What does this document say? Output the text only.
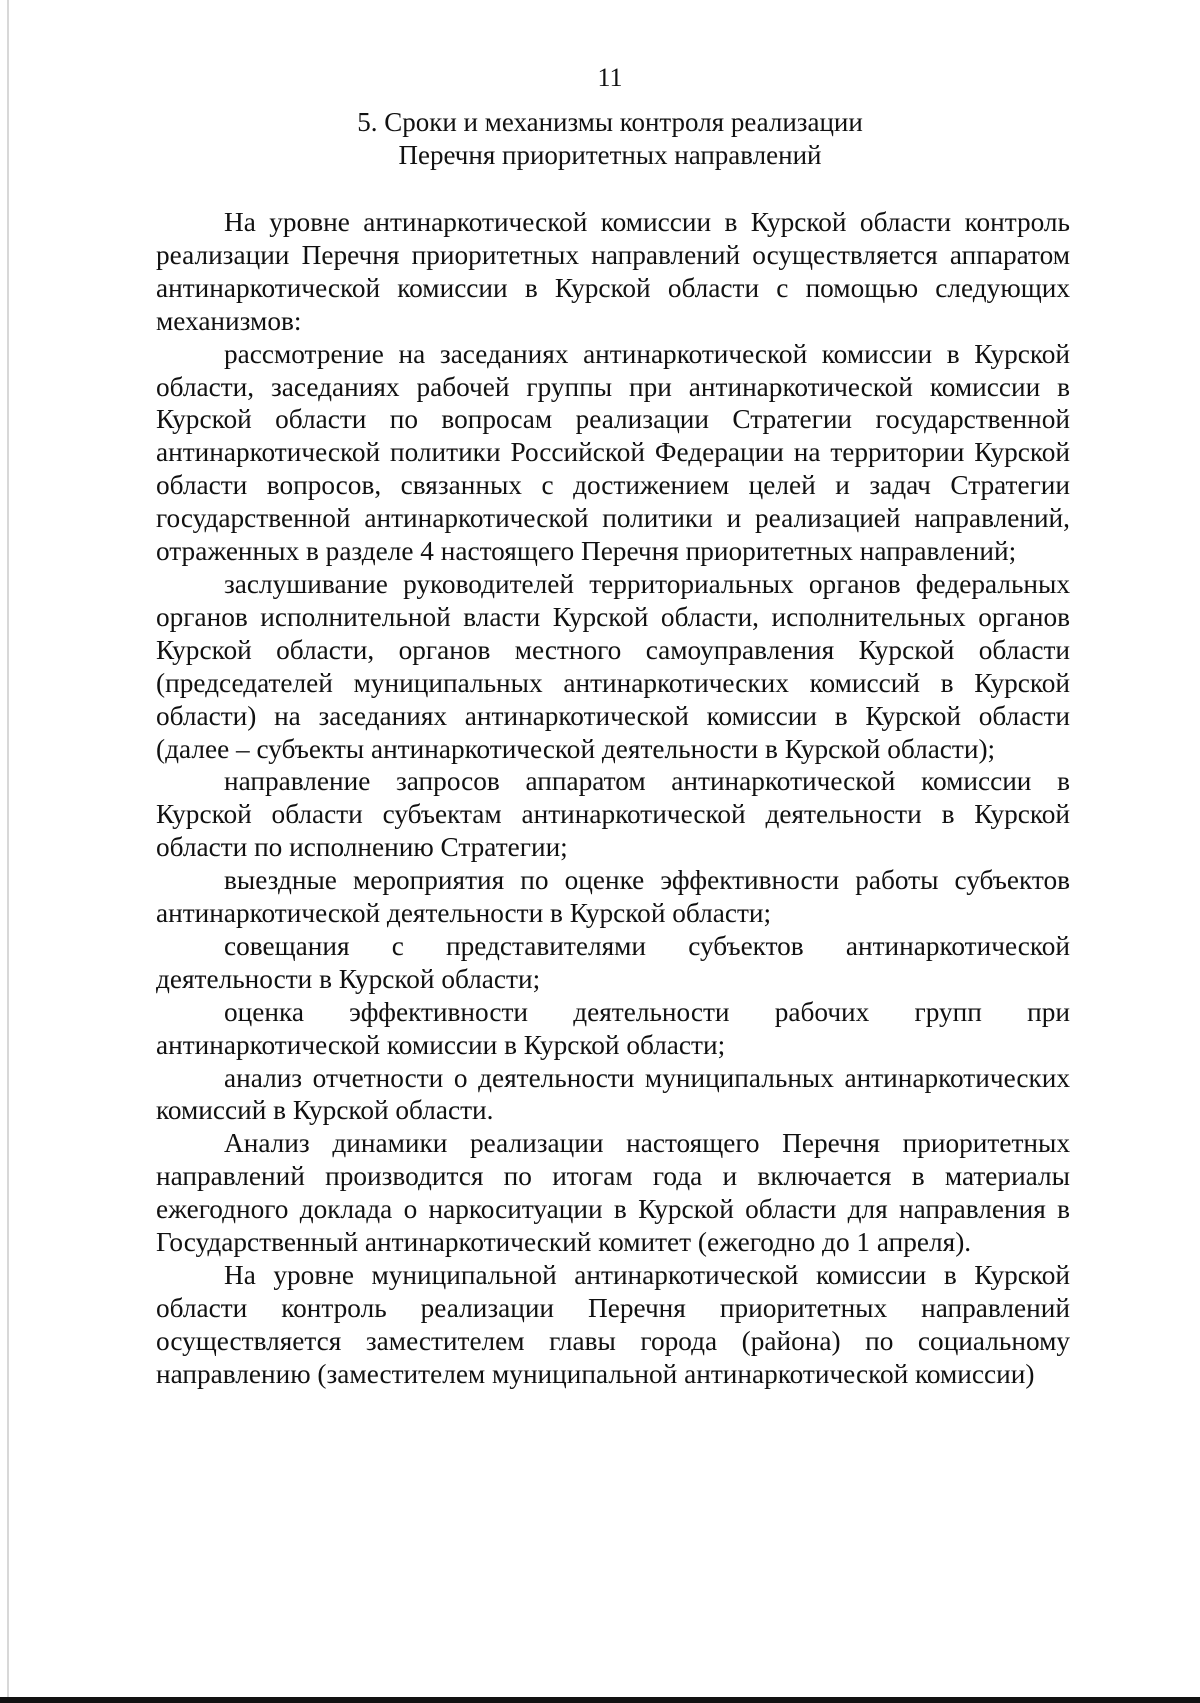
11
5. Сроки и механизмы контроля реализации
Перечня приоритетных направлений

На уровне антинаркотической комиссии в Курской области контроль реализации Перечня приоритетных направлений осуществляется аппаратом антинаркотической комиссии в Курской области с помощью следующих механизмов:

рассмотрение на заседаниях антинаркотической комиссии в Курской области, заседаниях рабочей группы при антинаркотической комиссии в Курской области по вопросам реализации Стратегии государственной антинаркотической политики Российской Федерации на территории Курской области вопросов, связанных с достижением целей и задач Стратегии государственной антинаркотической политики и реализацией направлений, отраженных в разделе 4 настоящего Перечня приоритетных направлений;

заслушивание руководителей территориальных органов федеральных органов исполнительной власти Курской области, исполнительных органов Курской области, органов местного самоуправления Курской области (председателей муниципальных антинаркотических комиссий в Курской области) на заседаниях антинаркотической комиссии в Курской области (далее – субъекты антинаркотической деятельности в Курской области);

направление запросов аппаратом антинаркотической комиссии в Курской области субъектам антинаркотической деятельности в Курской области по исполнению Стратегии;

выездные мероприятия по оценке эффективности работы субъектов антинаркотической деятельности в Курской области;

совещания с представителями субъектов антинаркотической деятельности в Курской области;

оценка эффективности деятельности рабочих групп при антинаркотической комиссии в Курской области;

анализ отчетности о деятельности муниципальных антинаркотических комиссий в Курской области.

Анализ динамики реализации настоящего Перечня приоритетных направлений производится по итогам года и включается в материалы ежегодного доклада о наркоситуации в Курской области для направления в Государственный антинаркотический комитет (ежегодно до 1 апреля).

На уровне муниципальной антинаркотической комиссии в Курской области контроль реализации Перечня приоритетных направлений осуществляется заместителем главы города (района) по социальному направлению (заместителем муниципальной антинаркотической комиссии)
